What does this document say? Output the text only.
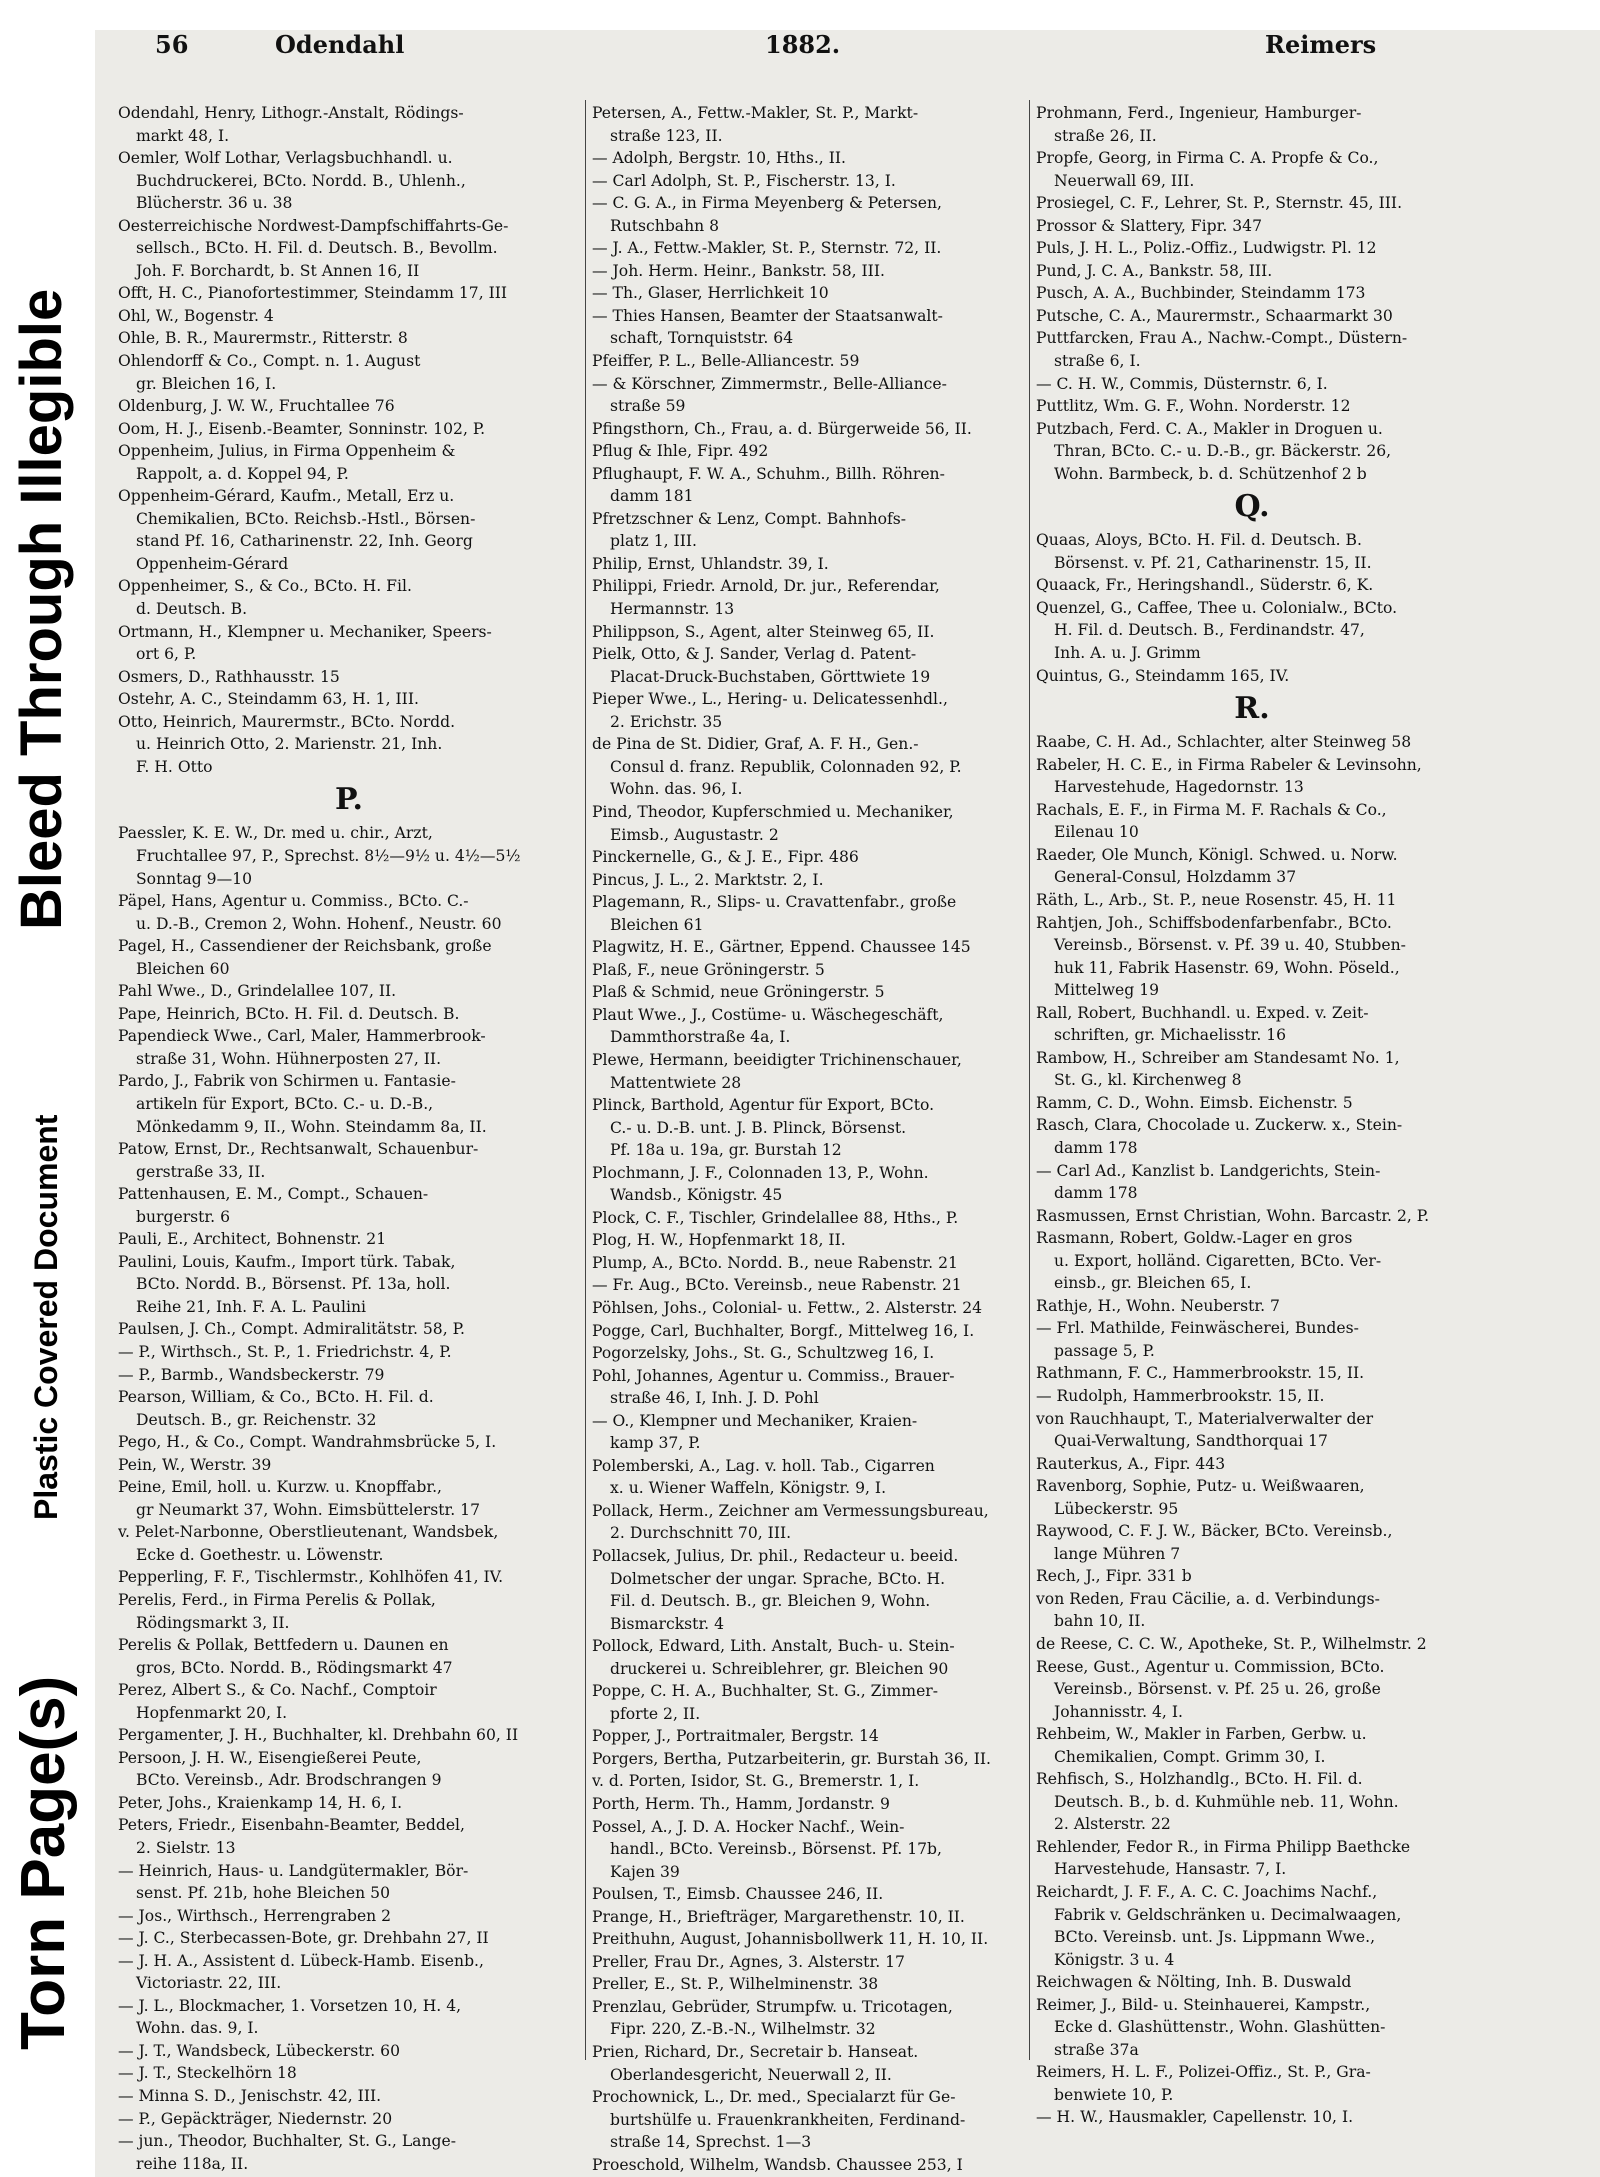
Torn Page(s)
Plastic Covered Document
Bleed Through Illegible
56	Odendahl	1882.	Reimers
Odendahl, Henry, Lithogr.-Anstalt, Rödings-
markt 48, I.
Oemler, Wolf Lothar, Verlagsbuchhandl. u.
Buchdruckerei, BCto. Nordd. B., Uhlenh.,
Blücherstr. 36 u. 38
Oesterreichische Nordwest-Dampfschiffahrts-Ge-
sellsch., BCto. H. Fil. d. Deutsch. B., Bevollm.
Joh. F. Borchardt, b. St Annen 16, II
Offt, H. C., Pianofortestimmer, Steindamm 17, III
Ohl, W., Bogenstr. 4
Ohle, B. R., Maurermstr., Ritterstr. 8
Ohlendorff & Co., Compt. n. 1. August
gr. Bleichen 16, I.
Oldenburg, J. W. W., Fruchtallee 76
Oom, H. J., Eisenb.-Beamter, Sonninstr. 102, P.
Oppenheim, Julius, in Firma Oppenheim &
Rappolt, a. d. Koppel 94, P.
Oppenheim-Gérard, Kaufm., Metall, Erz u.
Chemikalien, BCto. Reichsb.-Hstl., Börsen-
stand Pf. 16, Catharinenstr. 22, Inh. Georg
Oppenheim-Gérard
Oppenheimer, S., & Co., BCto. H. Fil.
d. Deutsch. B.
Ortmann, H., Klempner u. Mechaniker, Speers-
ort 6, P.
Osmers, D., Rathhausstr. 15
Ostehr, A. C., Steindamm 63, H. 1, III.
Otto, Heinrich, Maurermstr., BCto. Nordd.
u. Heinrich Otto, 2. Marienstr. 21, Inh.
F. H. Otto
P.
Paessler, K. E. W., Dr. med u. chir., Arzt,
Fruchtallee 97, P., Sprechst. 8½—9½ u. 4½—5½
Sonntag 9—10
Päpel, Hans, Agentur u. Commiss., BCto. C.-
u. D.-B., Cremon 2, Wohn. Hohenf., Neustr. 60
Pagel, H., Cassendiener der Reichsbank, große
Bleichen 60
Pahl Wwe., D., Grindelallee 107, II.
Pape, Heinrich, BCto. H. Fil. d. Deutsch. B.
Papendieck Wwe., Carl, Maler, Hammerbrook-
straße 31, Wohn. Hühnerposten 27, II.
Pardo, J., Fabrik von Schirmen u. Fantasie-
artikeln für Export, BCto. C.- u. D.-B.,
Mönkedamm 9, II., Wohn. Steindamm 8a, II.
Patow, Ernst, Dr., Rechtsanwalt, Schauenbur-
gerstraße 33, II.
Pattenhausen, E. M., Compt., Schauen-
burgerstr. 6
Pauli, E., Architect, Bohnenstr. 21
Paulini, Louis, Kaufm., Import türk. Tabak,
BCto. Nordd. B., Börsenst. Pf. 13a, holl.
Reihe 21, Inh. F. A. L. Paulini
Paulsen, J. Ch., Compt. Admiralitätstr. 58, P.
— P., Wirthsch., St. P., 1. Friedrichstr. 4, P.
— P., Barmb., Wandsbeckerstr. 79
Pearson, William, & Co., BCto. H. Fil. d.
Deutsch. B., gr. Reichenstr. 32
Pego, H., & Co., Compt. Wandrahmsbrücke 5, I.
Pein, W., Werstr. 39
Peine, Emil, holl. u. Kurzw. u. Knopffabr.,
gr Neumarkt 37, Wohn. Eimsbüttelerstr. 17
v. Pelet-Narbonne, Oberstlieutenant, Wandsbek,
Ecke d. Goethestr. u. Löwenstr.
Pepperling, F. F., Tischlermstr., Kohlhöfen 41, IV.
Perelis, Ferd., in Firma Perelis & Pollak,
Rödingsmarkt 3, II.
Perelis & Pollak, Bettfedern u. Daunen en
gros, BCto. Nordd. B., Rödingsmarkt 47
Perez, Albert S., & Co. Nachf., Comptoir
Hopfenmarkt 20, I.
Pergamenter, J. H., Buchhalter, kl. Drehbahn 60, II
Persoon, J. H. W., Eisengießerei Peute,
BCto. Vereinsb., Adr. Brodschrangen 9
Peter, Johs., Kraienkamp 14, H. 6, I.
Peters, Friedr., Eisenbahn-Beamter, Beddel,
2. Sielstr. 13
— Heinrich, Haus- u. Landgütermakler, Bör-
senst. Pf. 21b, hohe Bleichen 50
— Jos., Wirthsch., Herrengraben 2
— J. C., Sterbecassen-Bote, gr. Drehbahn 27, II
— J. H. A., Assistent d. Lübeck-Hamb. Eisenb.,
Victoriastr. 22, III.
— J. L., Blockmacher, 1. Vorsetzen 10, H. 4,
Wohn. das. 9, I.
— J. T., Wandsbeck, Lübeckerstr. 60
— J. T., Steckelhörn 18
— Minna S. D., Jenischstr. 42, III.
— P., Gepäckträger, Niedernstr. 20
— jun., Theodor, Buchhalter, St. G., Lange-
reihe 118a, II.
Petersen, A., Fettw.-Makler, St. P., Markt-
straße 123, II.
— Adolph, Bergstr. 10, Hths., II.
— Carl Adolph, St. P., Fischerstr. 13, I.
— C. G. A., in Firma Meyenberg & Petersen,
Rutschbahn 8
— J. A., Fettw.-Makler, St. P., Sternstr. 72, II.
— Joh. Herm. Heinr., Bankstr. 58, III.
— Th., Glaser, Herrlichkeit 10
— Thies Hansen, Beamter der Staatsanwalt-
schaft, Tornquiststr. 64
Pfeiffer, P. L., Belle-Alliancestr. 59
— & Körschner, Zimmermstr., Belle-Alliance-
straße 59
Pfingsthorn, Ch., Frau, a. d. Bürgerweide 56, II.
Pflug & Ihle, Fipr. 492
Pflughaupt, F. W. A., Schuhm., Billh. Röhren-
damm 181
Pfretzschner & Lenz, Compt. Bahnhofs-
platz 1, III.
Philip, Ernst, Uhlandstr. 39, I.
Philippi, Friedr. Arnold, Dr. jur., Referendar,
Hermannstr. 13
Philippson, S., Agent, alter Steinweg 65, II.
Pielk, Otto, & J. Sander, Verlag d. Patent-
Placat-Druck-Buchstaben, Görttwiete 19
Pieper Wwe., L., Hering- u. Delicatessenhdl.,
2. Erichstr. 35
de Pina de St. Didier, Graf, A. F. H., Gen.-
Consul d. franz. Republik, Colonnaden 92, P.
Wohn. das. 96, I.
Pind, Theodor, Kupferschmied u. Mechaniker,
Eimsb., Augustastr. 2
Pinckernelle, G., & J. E., Fipr. 486
Pincus, J. L., 2. Marktstr. 2, I.
Plagemann, R., Slips- u. Cravattenfabr., große
Bleichen 61
Plagwitz, H. E., Gärtner, Eppend. Chaussee 145
Plaß, F., neue Gröningerstr. 5
Plaß & Schmid, neue Gröningerstr. 5
Plaut Wwe., J., Costüme- u. Wäschegeschäft,
Dammthorstraße 4a, I.
Plewe, Hermann, beeidigter Trichinenschauer,
Mattentwiete 28
Plinck, Barthold, Agentur für Export, BCto.
C.- u. D.-B. unt. J. B. Plinck, Börsenst.
Pf. 18a u. 19a, gr. Burstah 12
Plochmann, J. F., Colonnaden 13, P., Wohn.
Wandsb., Königstr. 45
Plock, C. F., Tischler, Grindelallee 88, Hths., P.
Plog, H. W., Hopfenmarkt 18, II.
Plump, A., BCto. Nordd. B., neue Rabenstr. 21
— Fr. Aug., BCto. Vereinsb., neue Rabenstr. 21
Pöhlsen, Johs., Colonial- u. Fettw., 2. Alsterstr. 24
Pogge, Carl, Buchhalter, Borgf., Mittelweg 16, I.
Pogorzelsky, Johs., St. G., Schultzweg 16, I.
Pohl, Johannes, Agentur u. Commiss., Brauer-
straße 46, I, Inh. J. D. Pohl
— O., Klempner und Mechaniker, Kraien-
kamp 37, P.
Polemberski, A., Lag. v. holl. Tab., Cigarren
x. u. Wiener Waffeln, Königstr. 9, I.
Pollack, Herm., Zeichner am Vermessungsbureau,
2. Durchschnitt 70, III.
Pollacsek, Julius, Dr. phil., Redacteur u. beeid.
Dolmetscher der ungar. Sprache, BCto. H.
Fil. d. Deutsch. B., gr. Bleichen 9, Wohn.
Bismarckstr. 4
Pollock, Edward, Lith. Anstalt, Buch- u. Stein-
druckerei u. Schreiblehrer, gr. Bleichen 90
Poppe, C. H. A., Buchhalter, St. G., Zimmer-
pforte 2, II.
Popper, J., Portraitmaler, Bergstr. 14
Porgers, Bertha, Putzarbeiterin, gr. Burstah 36, II.
v. d. Porten, Isidor, St. G., Bremerstr. 1, I.
Porth, Herm. Th., Hamm, Jordanstr. 9
Possel, A., J. D. A. Hocker Nachf., Wein-
handl., BCto. Vereinsb., Börsenst. Pf. 17b,
Kajen 39
Poulsen, T., Eimsb. Chaussee 246, II.
Prange, H., Briefträger, Margarethenstr. 10, II.
Preithuhn, August, Johannisbollwerk 11, H. 10, II.
Preller, Frau Dr., Agnes, 3. Alsterstr. 17
Preller, E., St. P., Wilhelminenstr. 38
Prenzlau, Gebrüder, Strumpfw. u. Tricotagen,
Fipr. 220, Z.-B.-N., Wilhelmstr. 32
Prien, Richard, Dr., Secretair b. Hanseat.
Oberlandesgericht, Neuerwall 2, II.
Prochownick, L., Dr. med., Specialarzt für Ge-
burtshülfe u. Frauenkrankheiten, Ferdinand-
straße 14, Sprechst. 1—3
Proeschold, Wilhelm, Wandsb. Chaussee 253, I
Prohmann, Ferd., Ingenieur, Hamburger-
straße 26, II.
Propfe, Georg, in Firma C. A. Propfe & Co.,
Neuerwall 69, III.
Prosiegel, C. F., Lehrer, St. P., Sternstr. 45, III.
Prossor & Slattery, Fipr. 347
Puls, J. H. L., Poliz.-Offiz., Ludwigstr. Pl. 12
Pund, J. C. A., Bankstr. 58, III.
Pusch, A. A., Buchbinder, Steindamm 173
Putsche, C. A., Maurermstr., Schaarmarkt 30
Puttfarcken, Frau A., Nachw.-Compt., Düstern-
straße 6, I.
— C. H. W., Commis, Düsternstr. 6, I.
Puttlitz, Wm. G. F., Wohn. Norderstr. 12
Putzbach, Ferd. C. A., Makler in Droguen u.
Thran, BCto. C.- u. D.-B., gr. Bäckerstr. 26,
Wohn. Barmbeck, b. d. Schützenhof 2 b
Q.
Quaas, Aloys, BCto. H. Fil. d. Deutsch. B.
Börsenst. v. Pf. 21, Catharinenstr. 15, II.
Quaack, Fr., Heringshandl., Süderstr. 6, K.
Quenzel, G., Caffee, Thee u. Colonialw., BCto.
H. Fil. d. Deutsch. B., Ferdinandstr. 47,
Inh. A. u. J. Grimm
Quintus, G., Steindamm 165, IV.
R.
Raabe, C. H. Ad., Schlachter, alter Steinweg 58
Rabeler, H. C. E., in Firma Rabeler & Levinsohn,
Harvestehude, Hagedornstr. 13
Rachals, E. F., in Firma M. F. Rachals & Co.,
Eilenau 10
Raeder, Ole Munch, Königl. Schwed. u. Norw.
General-Consul, Holzdamm 37
Räth, L., Arb., St. P., neue Rosenstr. 45, H. 11
Rahtjen, Joh., Schiffsbodenfarbenfabr., BCto.
Vereinsb., Börsenst. v. Pf. 39 u. 40, Stubben-
huk 11, Fabrik Hasenstr. 69, Wohn. Pöseld.,
Mittelweg 19
Rall, Robert, Buchhandl. u. Exped. v. Zeit-
schriften, gr. Michaelisstr. 16
Rambow, H., Schreiber am Standesamt No. 1,
St. G., kl. Kirchenweg 8
Ramm, C. D., Wohn. Eimsb. Eichenstr. 5
Rasch, Clara, Chocolade u. Zuckerw. x., Stein-
damm 178
— Carl Ad., Kanzlist b. Landgerichts, Stein-
damm 178
Rasmussen, Ernst Christian, Wohn. Barcastr. 2, P.
Rasmann, Robert, Goldw.-Lager en gros
u. Export, holländ. Cigaretten, BCto. Ver-
einsb., gr. Bleichen 65, I.
Rathje, H., Wohn. Neuberstr. 7
— Frl. Mathilde, Feinwäscherei, Bundes-
passage 5, P.
Rathmann, F. C., Hammerbrookstr. 15, II.
— Rudolph, Hammerbrookstr. 15, II.
von Rauchhaupt, T., Materialverwalter der
Quai-Verwaltung, Sandthorquai 17
Rauterkus, A., Fipr. 443
Ravenborg, Sophie, Putz- u. Weißwaaren,
Lübeckerstr. 95
Raywood, C. F. J. W., Bäcker, BCto. Vereinsb.,
lange Mühren 7
Rech, J., Fipr. 331 b
von Reden, Frau Cäcilie, a. d. Verbindungs-
bahn 10, II.
de Reese, C. C. W., Apotheke, St. P., Wilhelmstr. 2
Reese, Gust., Agentur u. Commission, BCto.
Vereinsb., Börsenst. v. Pf. 25 u. 26, große
Johannisstr. 4, I.
Rehbeim, W., Makler in Farben, Gerbw. u.
Chemikalien, Compt. Grimm 30, I.
Rehfisch, S., Holzhandlg., BCto. H. Fil. d.
Deutsch. B., b. d. Kuhmühle neb. 11, Wohn.
2. Alsterstr. 22
Rehlender, Fedor R., in Firma Philipp Baethcke
Harvestehude, Hansastr. 7, I.
Reichardt, J. F. F., A. C. C. Joachims Nachf.,
Fabrik v. Geldschränken u. Decimalwaagen,
BCto. Vereinsb. unt. Js. Lippmann Wwe.,
Königstr. 3 u. 4
Reichwagen & Nölting, Inh. B. Duswald
Reimer, J., Bild- u. Steinhauerei, Kampstr.,
Ecke d. Glashüttenstr., Wohn. Glashütten-
straße 37a
Reimers, H. L. F., Polizei-Offiz., St. P., Gra-
benwiete 10, P.
— H. W., Hausmakler, Capellenstr. 10, I.
